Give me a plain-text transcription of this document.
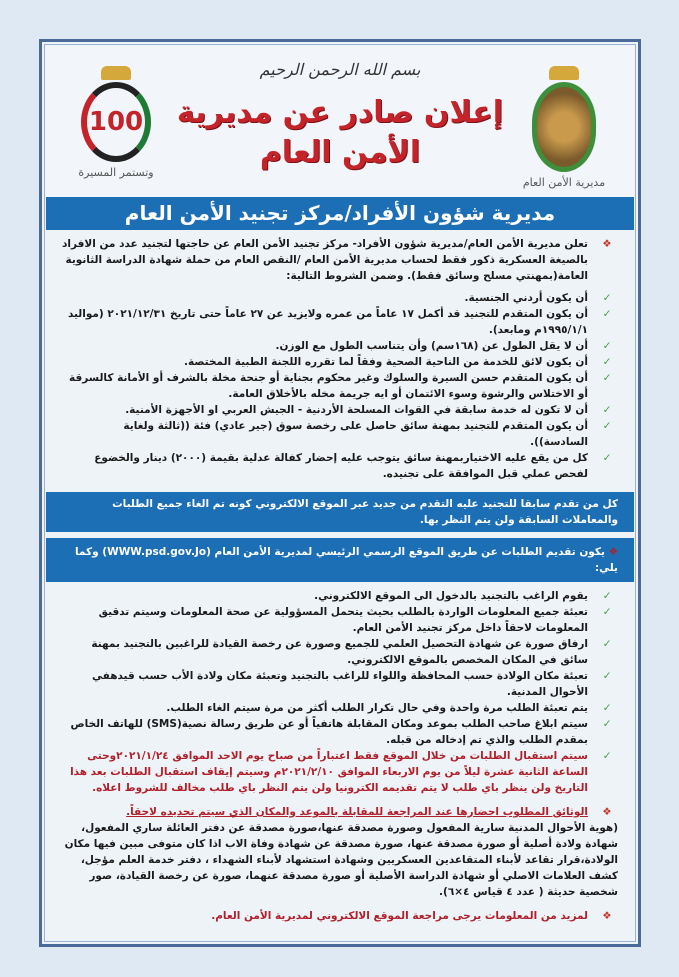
100
وتستمر المسيرة
بسم الله الرحمن الرحيم
إعلان صادر عن مديرية
الأمن العام
مديرية الأمن العام
مديرية شؤون الأفراد/مركز تجنيد الأمن العام
❖
تعلن مديرية الأمن العام/مديرية شؤون الأفراد- مركز تجنيد الأمن العام عن حاجتها لتجنيد عدد من الافراد بالصيغة العسكرية ذكور فقط لحساب مديرية الأمن العام /النقص العام من حملة شهادة الدراسة الثانوية العامة(بمهنتي مسلح وسائق فقط). وضمن الشروط التالية:
✓
أن يكون أردني الجنسية.
✓
أن يكون المتقدم للتجنيد قد أكمل ١٧ عاماً من عمره ولايزيد عن ٢٧ عاماً حتى تاريخ ٢٠٢١/١٢/٣١ (مواليد ١٩٩٥/١/١م ومابعد).
✓
أن لا يقل الطول عن (١٦٨سم) وأن يتناسب الطول مع الوزن.
✓
أن يكون لائق للخدمة من الناحية الصحية وفقاً لما تقرره اللجنة الطبية المختصة.
✓
أن يكون المتقدم حسن السيرة والسلوك وغير محكوم بجناية أو جنحة مخلة بالشرف أو الأمانة كالسرقة أو الاختلاس والرشوة وسوء الائتمان أو ايه جريمة مخله بالأخلاق العامة.
✓
أن لا تكون له خدمة سابقة في القوات المسلحة الأردنية - الجيش العربي او الأجهزة الأمنية.
✓
أن يكون المتقدم للتجنيد بمهنة سائق حاصل على رخصة سوق (جير عادي) فئة ((ثالثة ولغاية السادسة)).
✓
كل من يقع عليه الاختياربمهنة سائق يتوجب عليه إحضار كفالة عدلية بقيمة (٢٠٠٠) دينار والخضوع لفحص عملي قبل الموافقة على تجنيده.
كل من تقدم سابقا للتجنيد عليه التقدم من جديد عبر الموقع الالكتروني كونه تم الغاء جميع الطلبات والمعاملات السابقة ولن يتم النظر بها.
❖ يكون تقديم الطلبات عن طريق الموقع الرسمي الرئيسي لمديرية الأمن العام (WWW.psd.gov.Jo) وكما يلي:
✓
يقوم الراغب بالتجنيد بالدخول الى الموقع الالكتروني.
✓
تعبئة جميع المعلومات الواردة بالطلب بحيث يتحمل المسؤولية عن صحة المعلومات وسيتم تدقيق المعلومات لاحقاً داخل مركز تجنيد الأمن العام.
✓
ارفاق صورة عن شهادة التحصيل العلمي للجميع وصورة عن رخصة القيادة للراغبين بالتجنيد بمهنة سائق في المكان المخصص بالموقع الالكتروني.
✓
تعبئة مكان الولادة حسب المحافظة واللواء للراغب بالتجنيد وتعبئة مكان ولادة الأب حسب قيدهفي الأحوال المدنية.
✓
يتم تعبئة الطلب مرة واحدة وفي حال تكرار الطلب أكثر من مرة سيتم الغاء الطلب.
✓
سيتم ابلاغ صاحب الطلب بموعد ومكان المقابلة هاتفياً أو عن طريق رسالة نصية(SMS) للهاتف الخاص بمقدم الطلب والذي تم إدخاله من قبله.
✓
سيتم استقبال الطلبات من خلال الموقع فقط اعتباراً من صباح يوم الاحد الموافق ٢٠٢١/١/٢٤وحتى الساعة الثانية عشرة ليلاً من يوم الاربعاء الموافق ٢٠٢١/٢/١٠م وسيتم إيقاف استقبال الطلبات بعد هذا التاريخ ولن ينظر باي طلب لا يتم تقديمه الكترونيا ولن يتم النظر باي طلب مخالف للشروط اعلاه.
❖
الوثائق المطلوب احضارها عند المراجعة للمقابلة بالموعد والمكان الذي سيتم تحديده لاحقاً.
(هوية الأحوال المدنية سارية المفعول وصورة مصدقة عنها،صورة مصدقة عن دفتر العائلة ساري المفعول، شهادة ولادة أصلية أو صورة مصدقة عنها، صورة مصدقة عن شهادة وفاة الاب اذا كان متوفى مبين فيها مكان الولادة،قرار تقاعد لأبناء المتقاعدين العسكريين وشهادة استشهاد لأبناء الشهداء ، دفتر خدمة العلم مؤجل، كشف العلامات الاصلي أو شهادة الدراسة الأصلية أو صورة مصدقة عنهما، صورة عن رخصة القيادة، صور شخصية حديثة ( عدد ٤ قياس ٤×٦).
❖
لمزيد من المعلومات يرجى مراجعة الموقع الالكتروني لمديرية الأمن العام.
